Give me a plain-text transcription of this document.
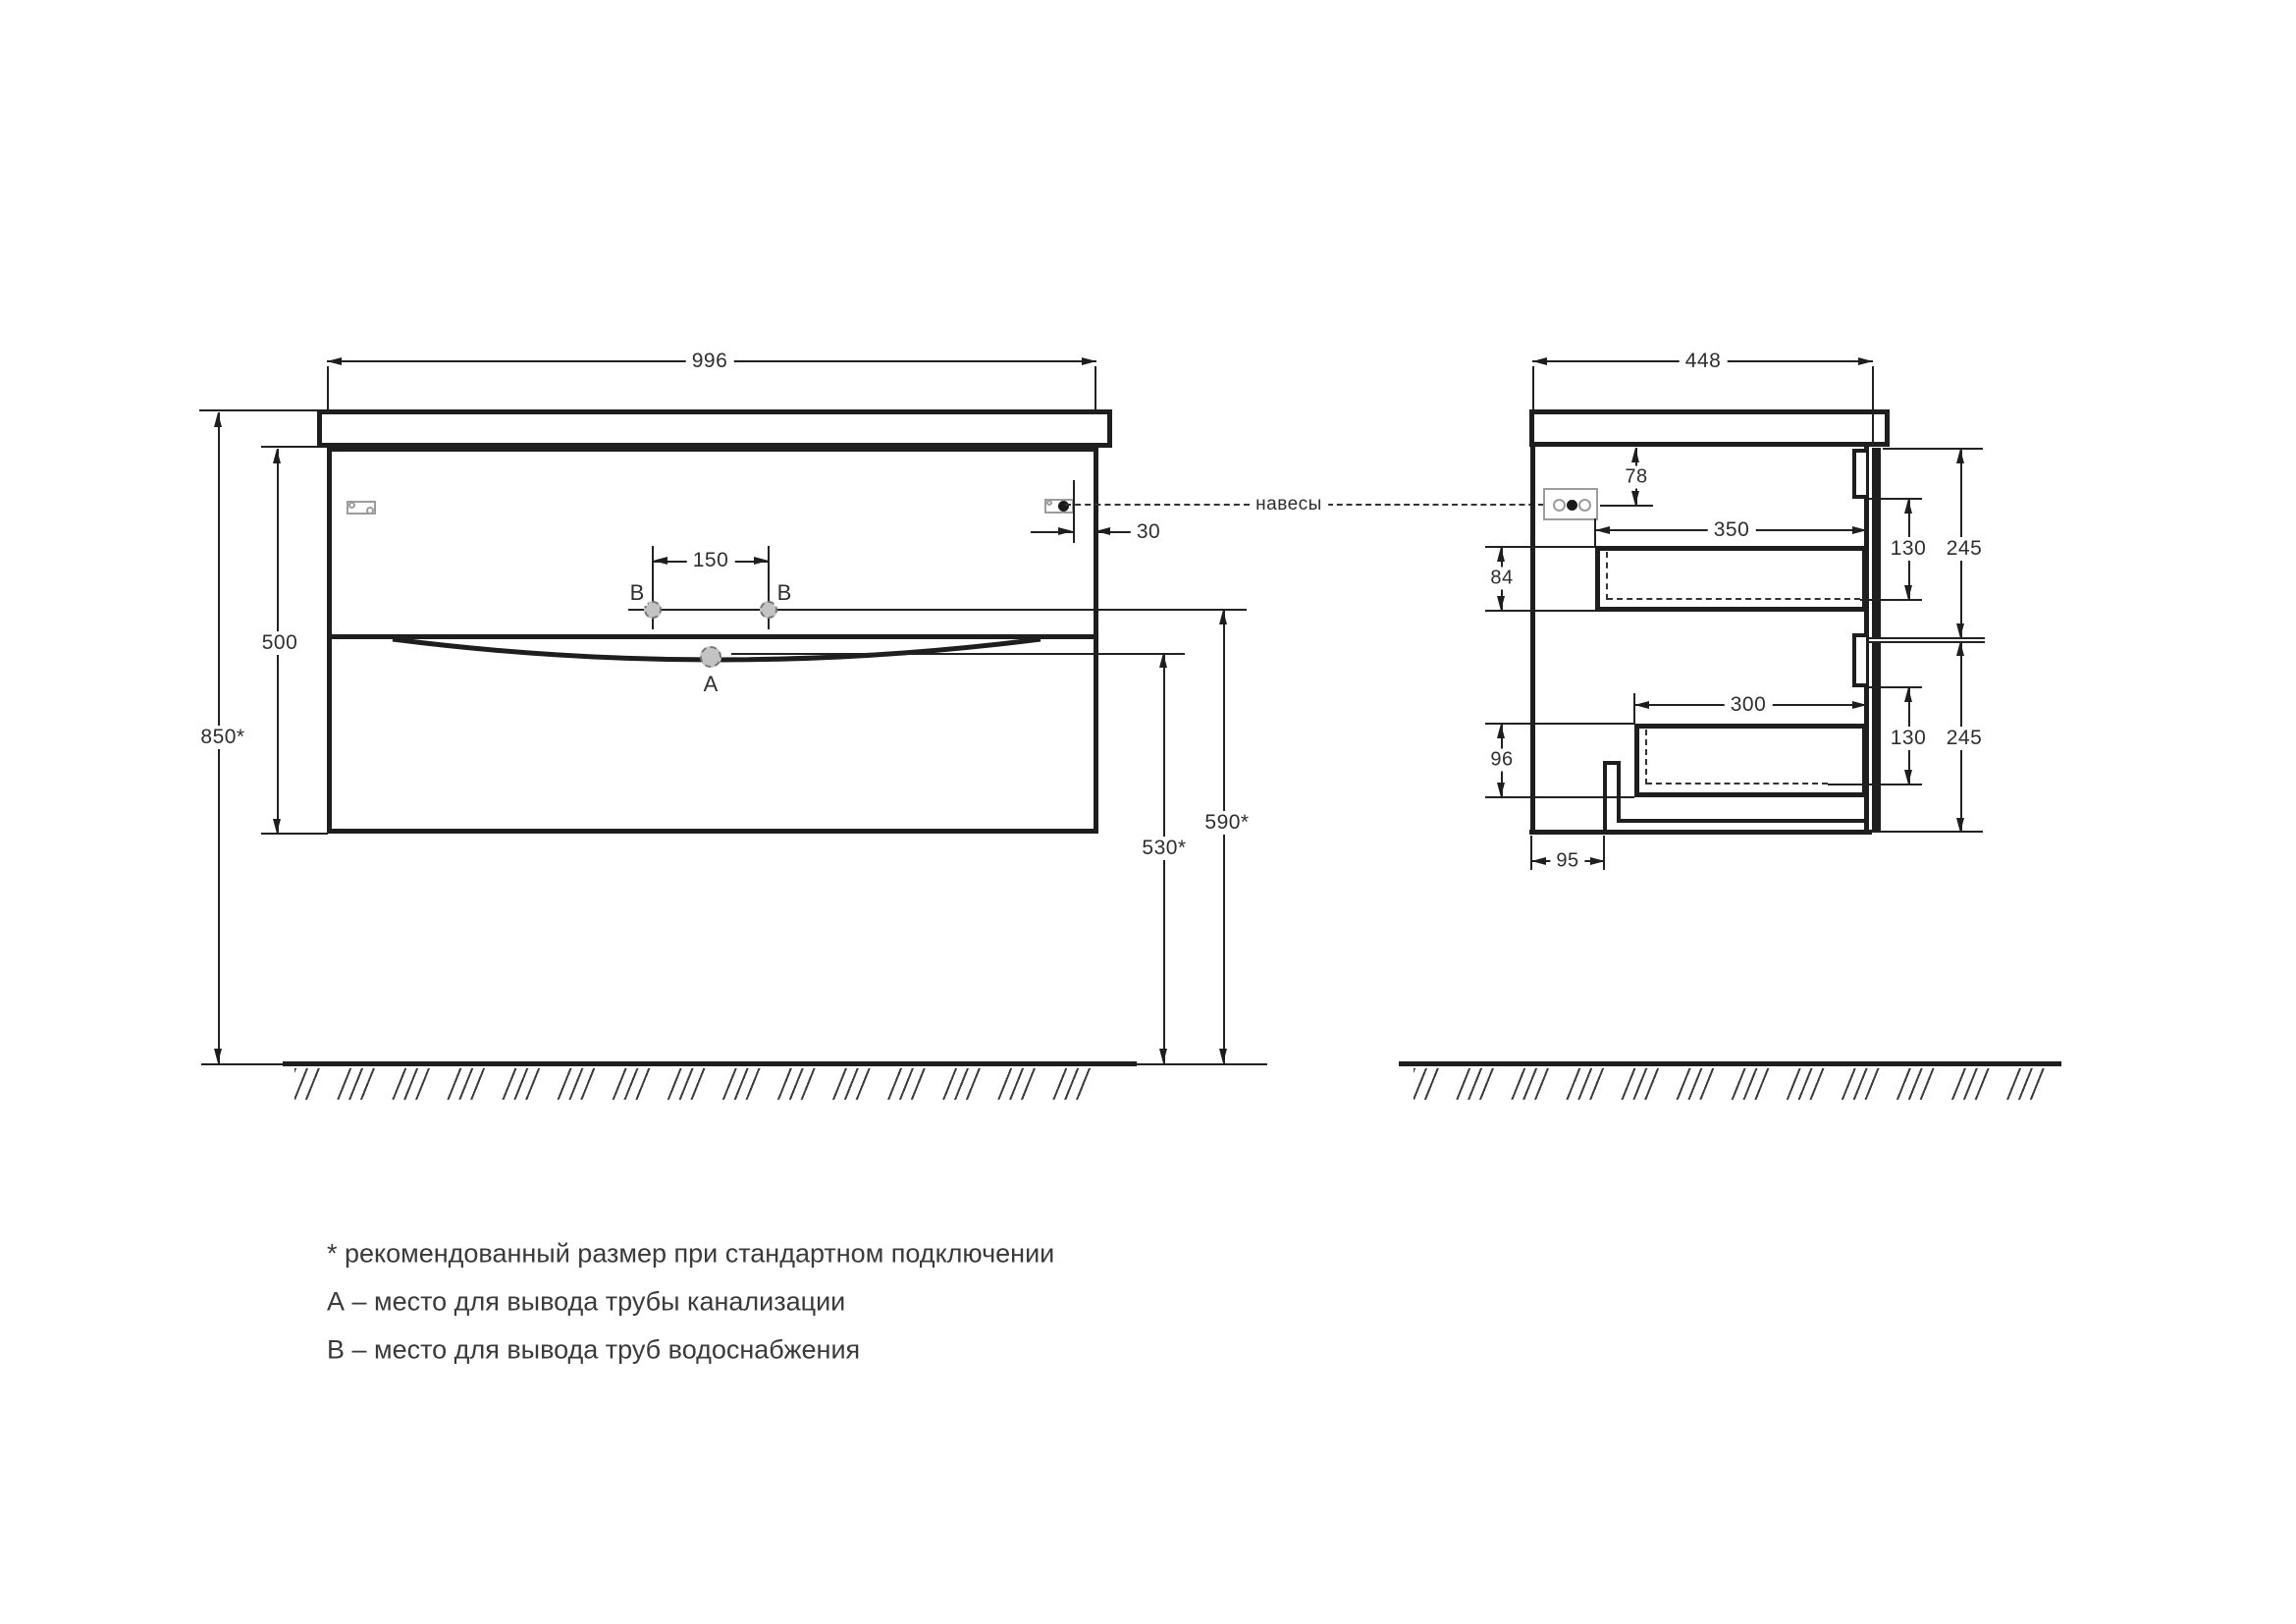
996
30
навесы
150
В	В
А
850*
500
590*
530*
448
78
350
84
300
96
95
130 245
130 245
* рекомендованный размер при стандартном подключении
А – место для вывода трубы канализации
В – место для вывода труб водоснабжения
